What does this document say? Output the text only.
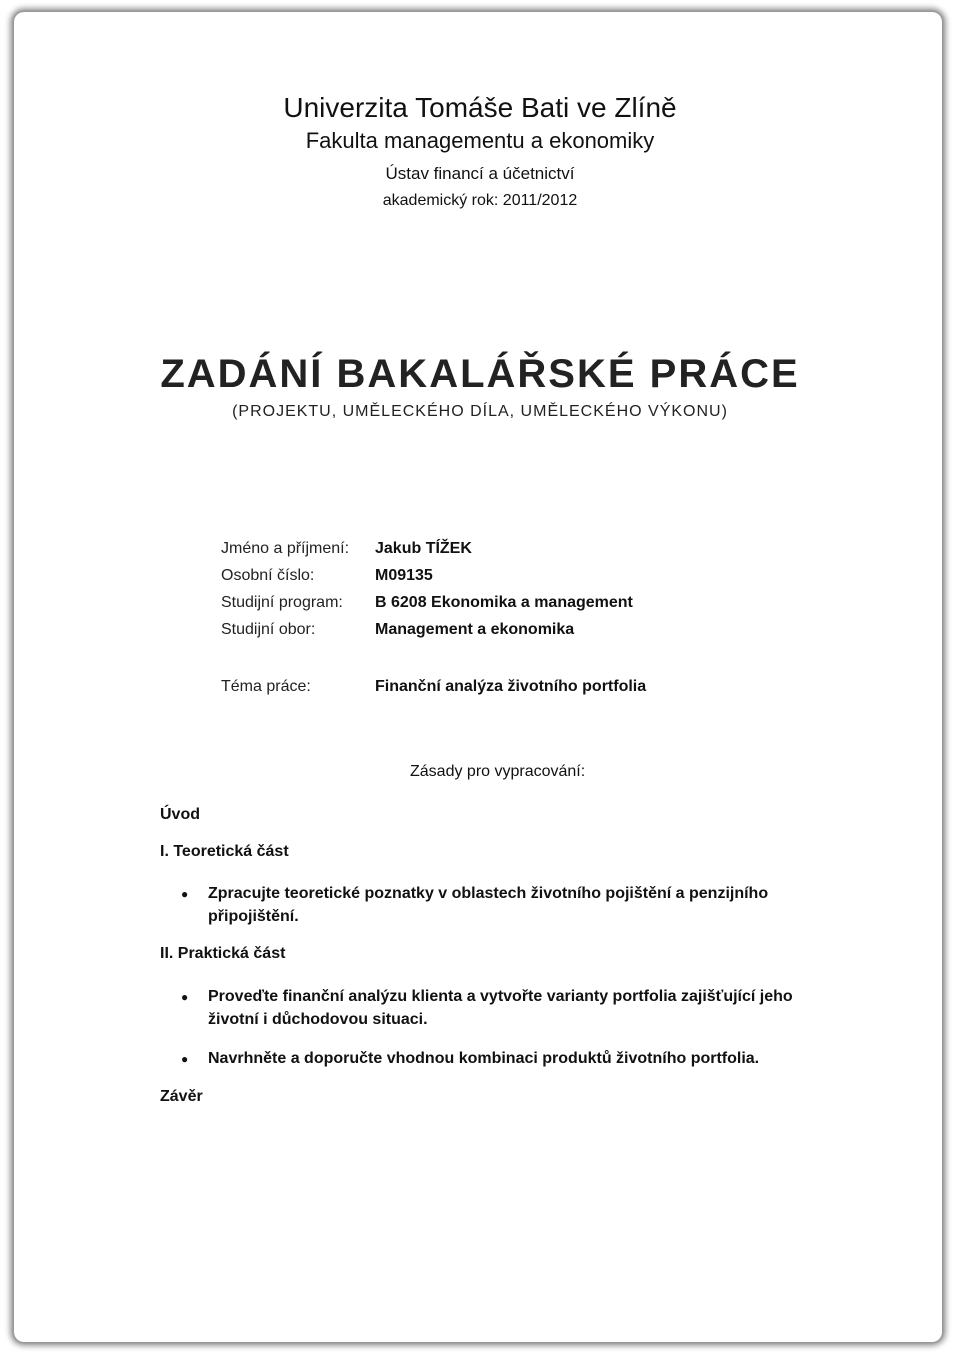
Univerzita Tomáše Bati ve Zlíně
Fakulta managementu a ekonomiky
Ústav financí a účetnictví
akademický rok: 2011/2012
ZADÁNÍ BAKALÁŘSKÉ PRÁCE
(PROJEKTU, UMĚLECKÉHO DÍLA, UMĚLECKÉHO VÝKONU)
Jméno a příjmení: Jakub TÍŽEK
Osobní číslo:	M09135
Studijní program: B 6208 Ekonomika a management
Studijní obor:	Management a ekonomika
Téma práce:	Finanční analýza životního portfolia
Zásady pro vypracování:
Úvod
I. Teoretická část
● Zpracujte teoretické poznatky v oblastech životního pojištění a penzijního připojištění.
II. Praktická část
● Proveďte finanční analýzu klienta a vytvořte varianty portfolia zajišťující jeho životní i důchodovou situaci.
● Navrhněte a doporučte vhodnou kombinaci produktů životního portfolia.
Závěr
